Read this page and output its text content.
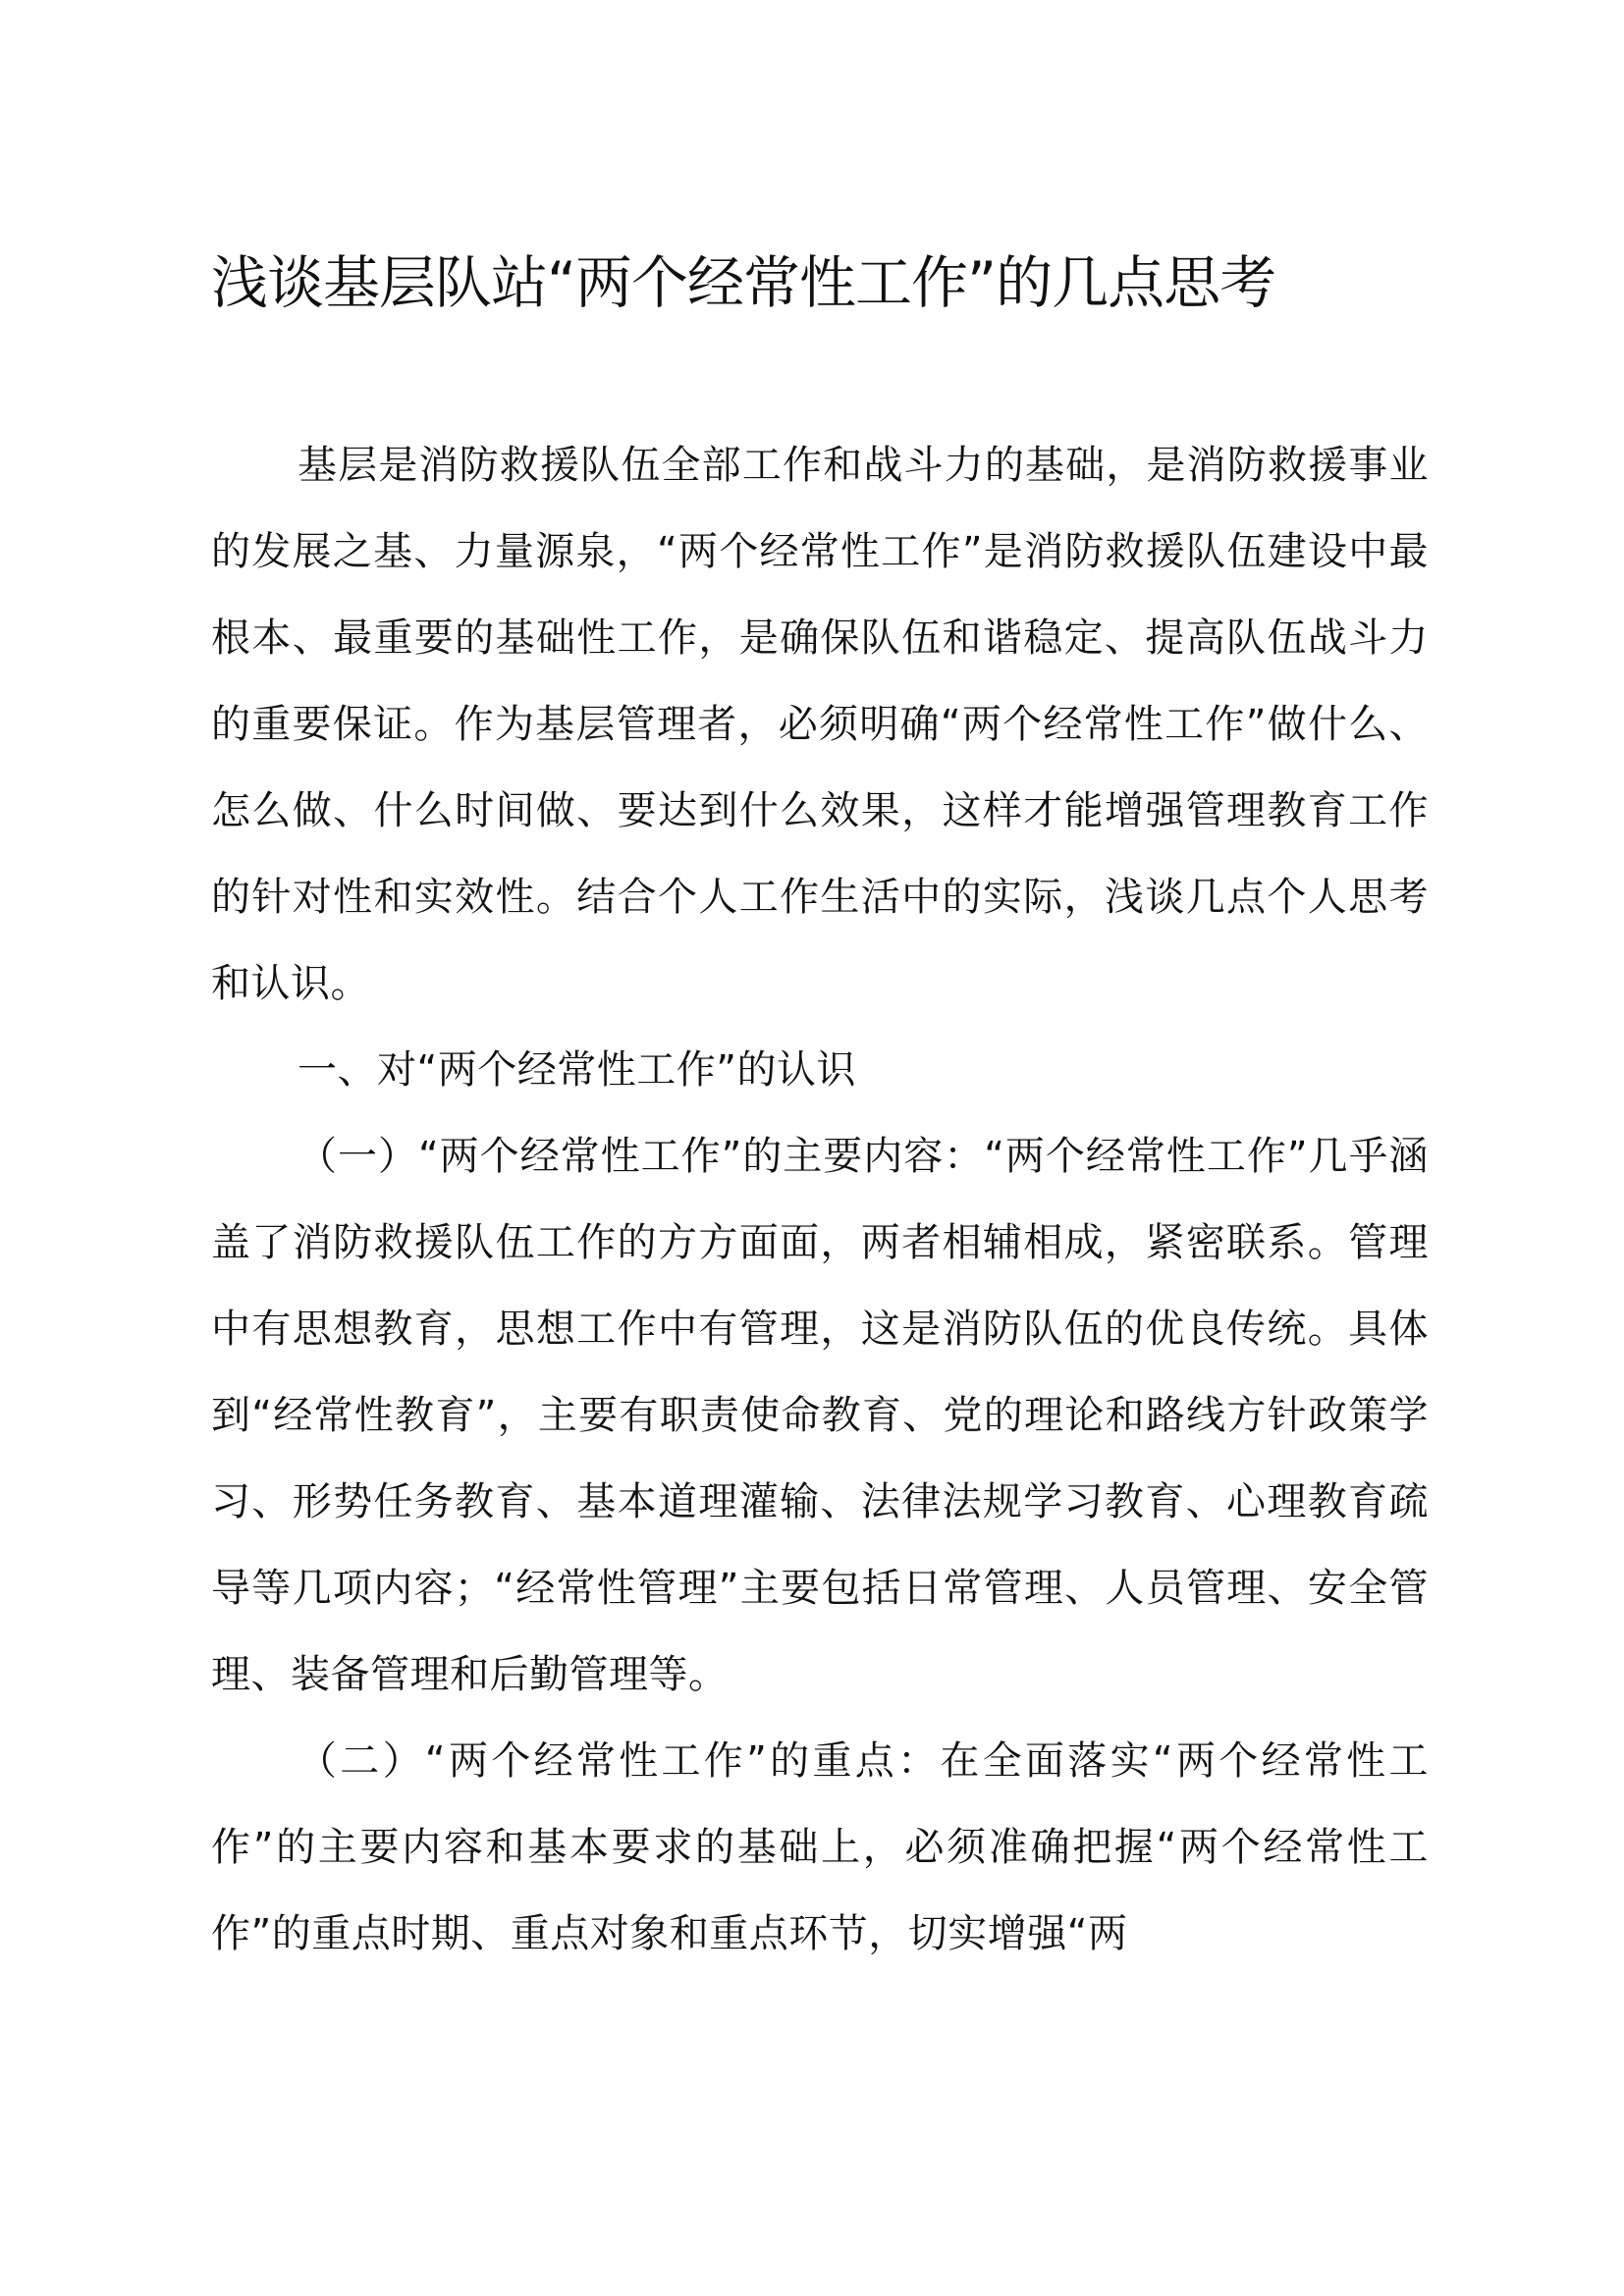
浅谈基层队站“两个经常性工作”的几点思考

基层是消防救援队伍全部工作和战斗力的基础，是消防救援事业的发展之基、力量源泉，“两个经常性工作”是消防救援队伍建设中最根本、最重要的基础性工作，是确保队伍和谐稳定、提高队伍战斗力的重要保证。作为基层管理者，必须明确“两个经常性工作”做什么、怎么做、什么时间做、要达到什么效果，这样才能增强管理教育工作的针对性和实效性。结合个人工作生活中的实际，浅谈几点个人思考和认识。

一、对“两个经常性工作”的认识

（一）“两个经常性工作”的主要内容：“两个经常性工作”几乎涵盖了消防救援队伍工作的方方面面，两者相辅相成，紧密联系。管理中有思想教育，思想工作中有管理，这是消防队伍的优良传统。具体到“经常性教育”，主要有职责使命教育、党的理论和路线方针政策学习、形势任务教育、基本道理灌输、法律法规学习教育、心理教育疏导等几项内容；“经常性管理”主要包括日常管理、人员管理、安全管理、装备管理和后勤管理等。

（二）“两个经常性工作”的重点：在全面落实“两个经常性工作”的主要内容和基本要求的基础上，必须准确把握“两个经常性工作”的重点时期、重点对象和重点环节，切实增强“两
